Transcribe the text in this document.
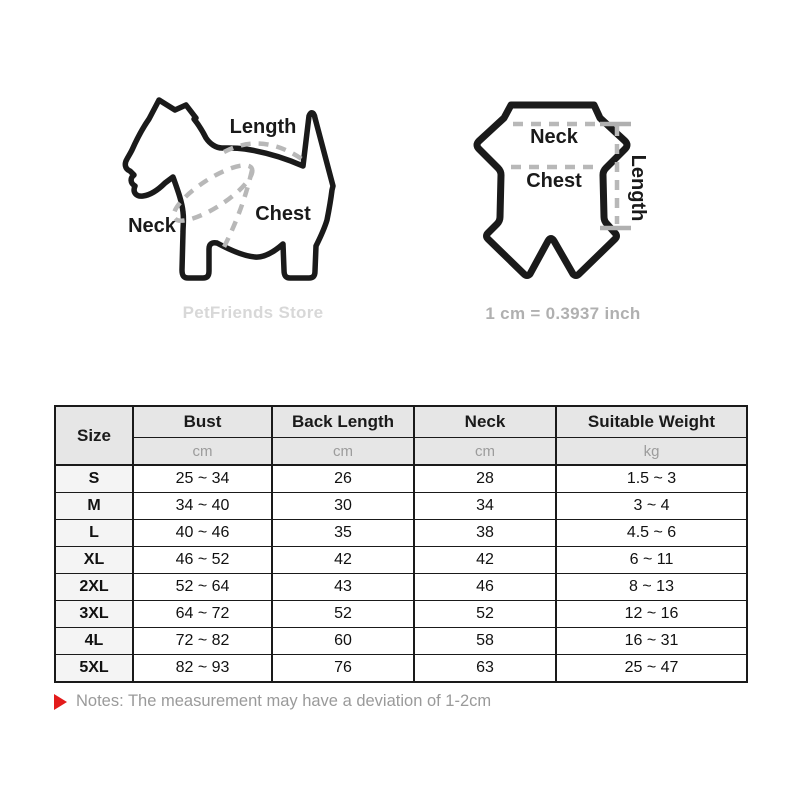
Length
Neck
Chest
PetFriends Store
Neck
Chest Length
1 cm = 0.3937 inch
Size	Bust	Back Length	Neck	Suitable Weight
	cm	cm	cm	kg
S	25 ~ 34	26	28	1.5 ~ 3
M	34 ~ 40	30	34	3 ~ 4
L	40 ~ 46	35	38	4.5 ~ 6
XL	46 ~ 52	42	42	6 ~ 11
2XL	52 ~ 64	43	46	8 ~ 13
3XL	64 ~ 72	52	52	12 ~ 16
4L	72 ~ 82	60	58	16 ~ 31
5XL	82 ~ 93	76	63	25 ~ 47
Notes: The measurement may have a deviation of 1-2cm
